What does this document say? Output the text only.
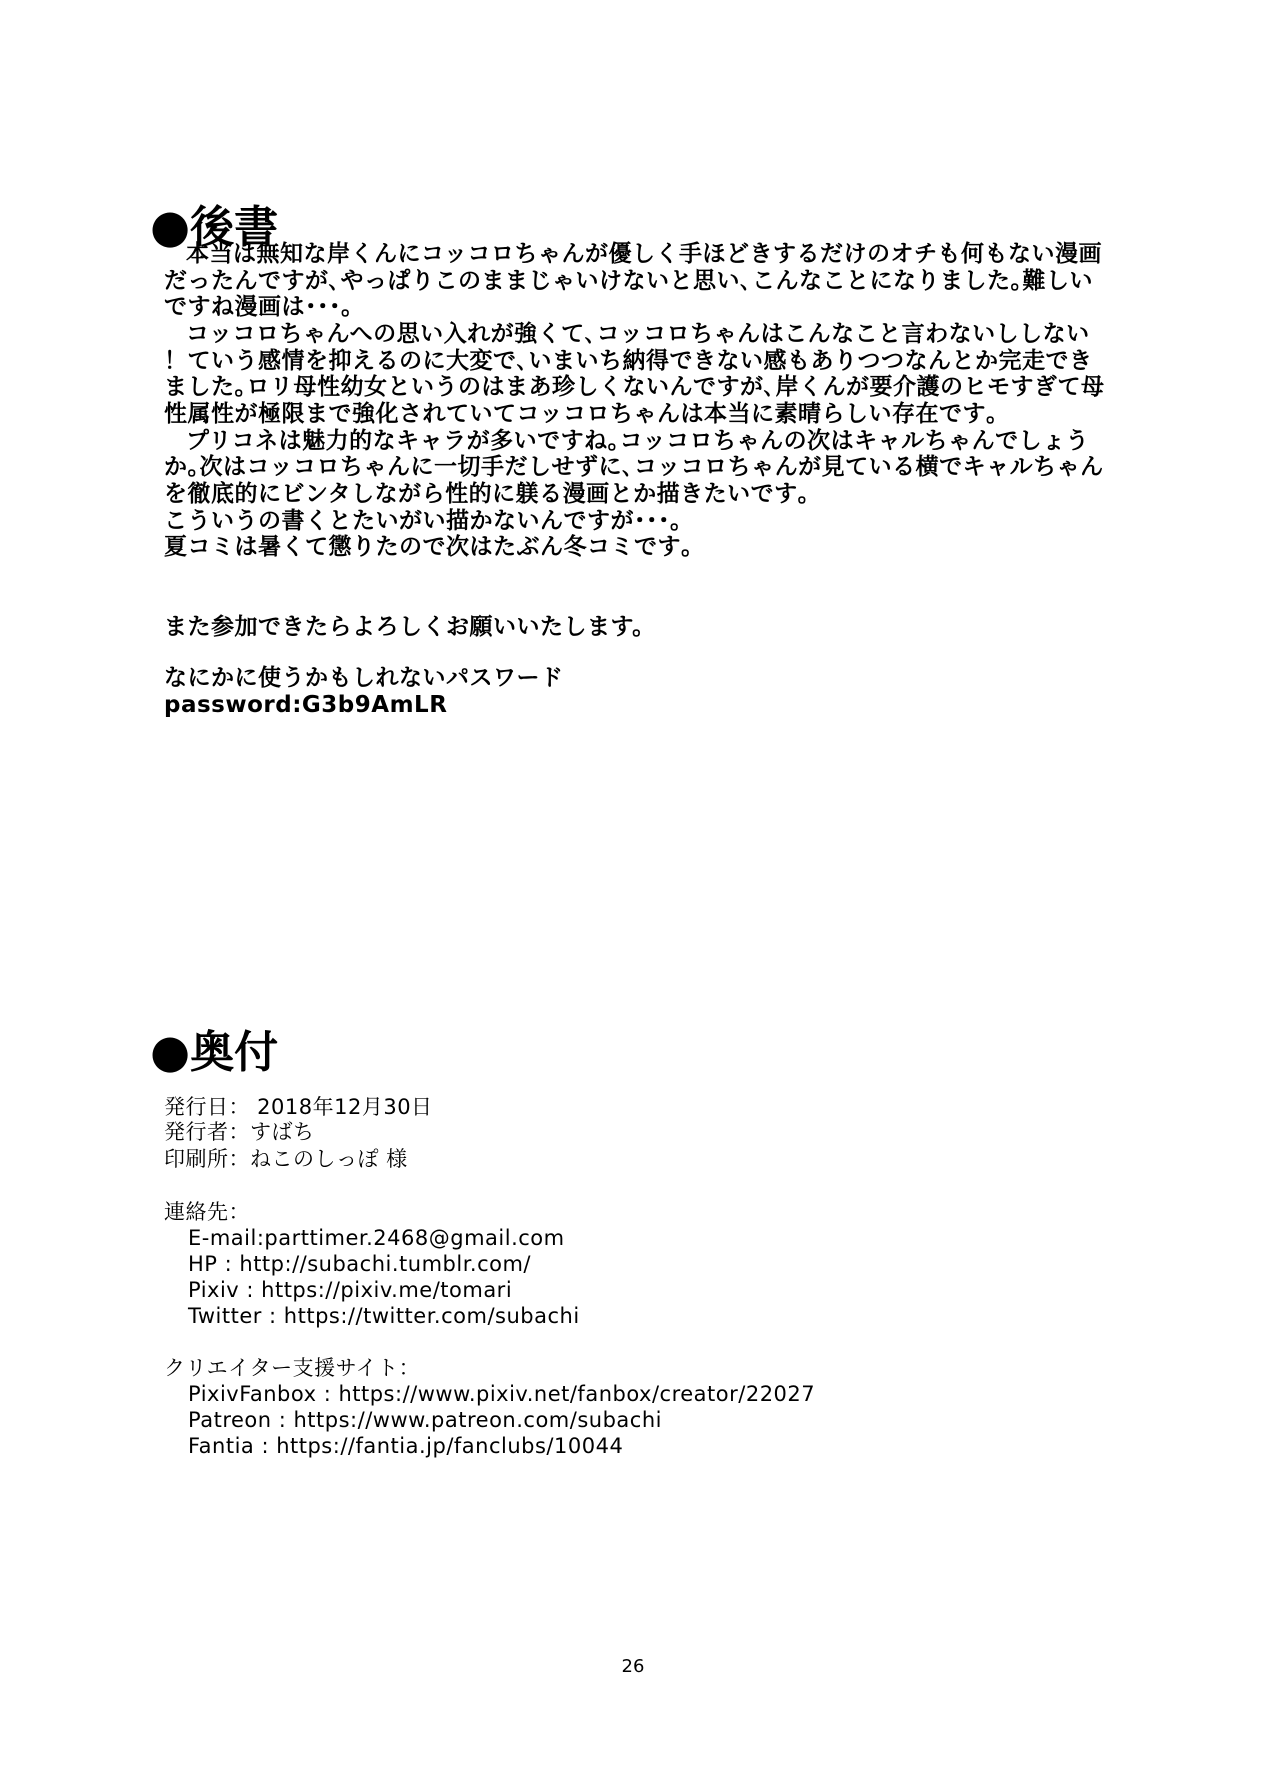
●後書
本当は無知な岸くんにコッコロちゃんが優しく手ほどきするだけのオチも何もない漫画
だったんですが､やっぱりこのままじゃいけないと思い､こんなことになりました｡難しい
ですね漫画は･･･｡
コッコロちゃんへの思い入れが強くて､コッコロちゃんはこんなこと言わないししない
！ていう感情を抑えるのに大変で､いまいち納得できない感もありつつなんとか完走でき
ました｡ロリ母性幼女というのはまあ珍しくないんですが､岸くんが要介護のヒモすぎて母
性属性が極限まで強化されていてコッコロちゃんは本当に素晴らしい存在です｡
プリコネは魅力的なキャラが多いですね｡コッコロちゃんの次はキャルちゃんでしょう
か｡次はコッコロちゃんに一切手だしせずに､コッコロちゃんが見ている横でキャルちゃん
を徹底的にビンタしながら性的に躾る漫画とか描きたいです｡
こういうの書くとたいがい描かないんですが･･･｡
夏コミは暑くて懲りたので次はたぶん冬コミです｡
また参加できたらよろしくお願いいたします。
なにかに使うかもしれないパスワード
password:G3b9AmLR
●奥付
発行日： 2018年12月30日
発行者：すばち
印刷所：ねこのしっぽ 様
連絡先：
E-mail:parttimer.2468@gmail.com
HP : http://subachi.tumblr.com/
Pixiv : https://pixiv.me/tomari
Twitter : https://twitter.com/subachi
クリエイター支援サイト：
PixivFanbox : https://www.pixiv.net/fanbox/creator/22027
Patreon : https://www.patreon.com/subachi
Fantia : https://fantia.jp/fanclubs/10044
26
